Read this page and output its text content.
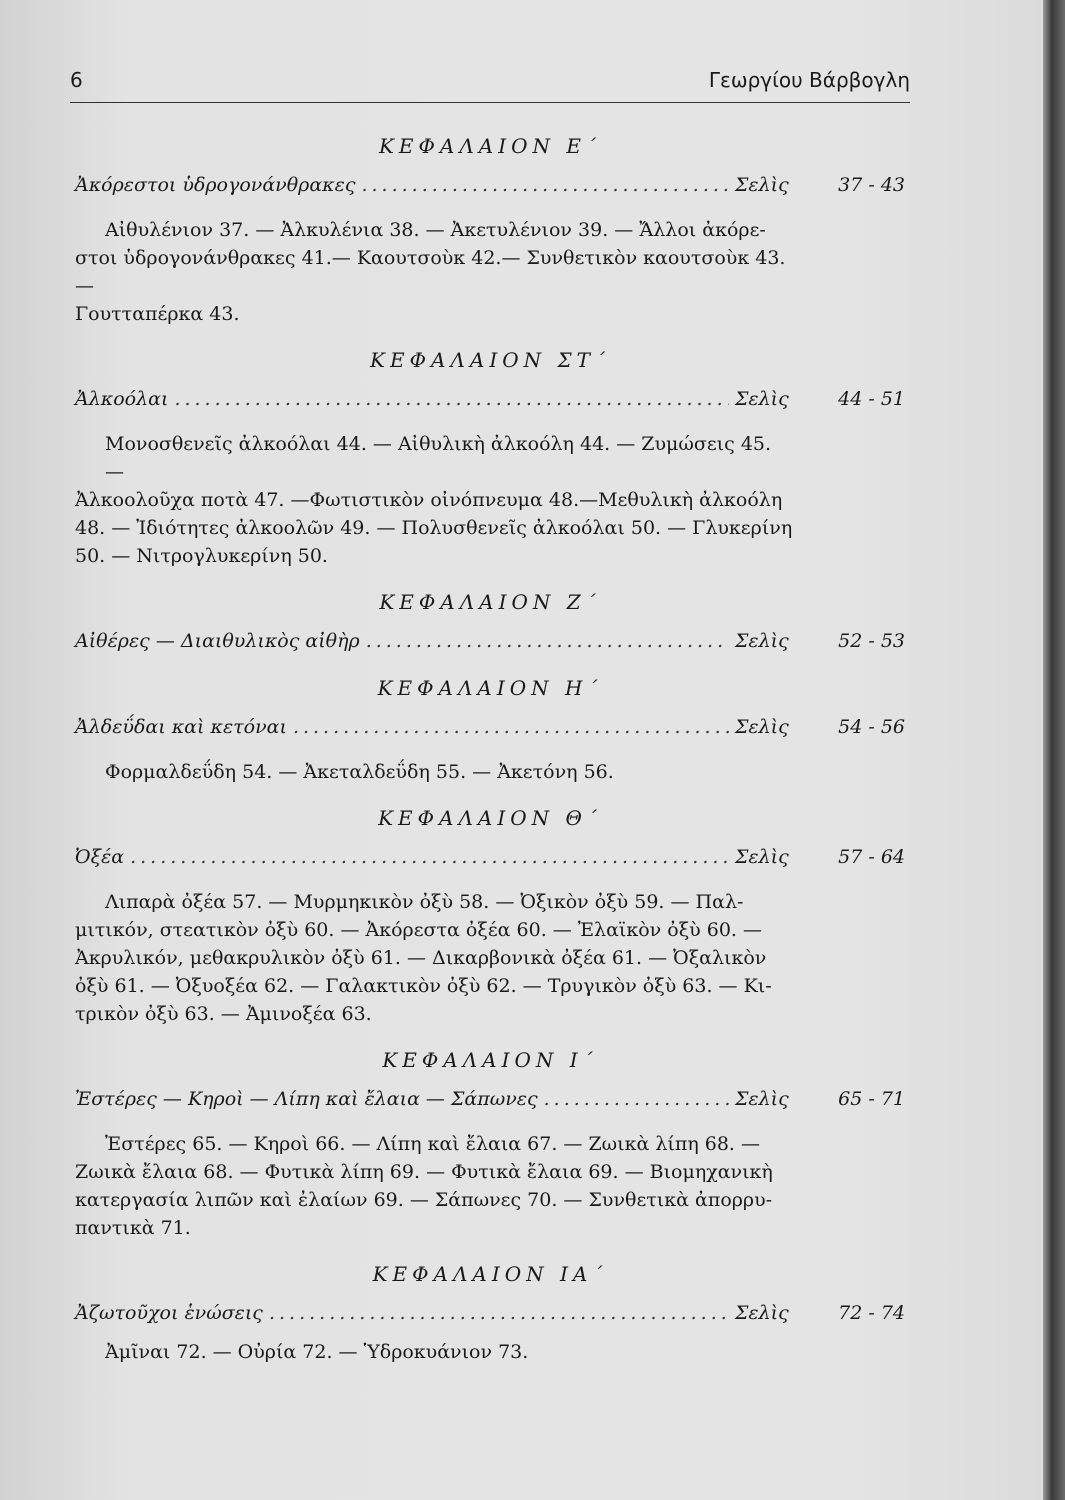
6	Γεωργίου Βάρβογλη
ΚΕΦΑΛΑΙΟΝ Ε΄
Ἀκόρεστοι ὑδρογονάνθρακες .....	Σελὶς	37 - 43

Αἰθυλένιον 37. — Ἀλκυλένια 38. — Ἀκετυλένιον 39. — Ἄλλοι ἀκόρε-

στοι ὑδρογονάνθρακες 41.— Καουτσοὺκ 42.— Συνθετικὸν καουτσοὺκ 43.—

Γουτταπέρκα 43.

ΚΕΦΑΛΑΙΟΝ ΣΤ΄
Ἀλκοόλαι .....	Σελὶς	44 - 51

Μονοσθενεῖς ἀλκοόλαι 44. — Αἰθυλικὴ ἀλκοόλη 44. — Ζυμώσεις 45. —

Ἀλκοολοῦχα ποτὰ 47. —Φωτιστικὸν οἰνόπνευμα 48.—Μεθυλικὴ ἀλκοόλη

48. — Ἰδιότητες ἀλκοολῶν 49. — Πολυσθενεῖς ἀλκοόλαι 50. — Γλυκερίνη

50. — Νιτρογλυκερίνη 50.

ΚΕΦΑΛΑΙΟΝ Ζ΄
Αἰθέρες — Διαιθυλικὸς αἰθὴρ .....	Σελὶς	52 - 53
ΚΕΦΑΛΑΙΟΝ Η΄
Ἀλδεΰδαι καὶ κετόναι .....	Σελὶς	54 - 56

Φορμαλδεΰδη 54. — Ἀκεταλδεΰδη 55. — Ἀκετόνη 56.

ΚΕΦΑΛΑΙΟΝ Θ΄
Ὀξέα .....	Σελὶς	57 - 64

Λιπαρὰ ὀξέα 57. — Μυρμηκικὸν ὀξὺ 58. — Ὀξικὸν ὀξὺ 59. — Παλ-

μιτικόν, στεατικὸν ὀξὺ 60. — Ἀκόρεστα ὀξέα 60. — Ἐλαϊκὸν ὀξὺ 60. —

Ἀκρυλικόν, μεθακρυλικὸν ὀξὺ 61. — Δικαρβονικὰ ὀξέα 61. — Ὀξαλικὸν

ὀξὺ 61. — Ὀξυοξέα 62. — Γαλακτικὸν ὀξὺ 62. — Τρυγικὸν ὀξὺ 63. — Κι-

τρικὸν ὀξὺ 63. — Ἀμινοξέα 63.

ΚΕΦΑΛΑΙΟΝ Ι΄
Ἐστέρες — Κηροὶ — Λίπη καὶ ἔλαια — Σάπωνες .....	Σελὶς	65 - 71

Ἐστέρες 65. — Κηροὶ 66. — Λίπη καὶ ἔλαια 67. — Ζωικὰ λίπη 68. —

Ζωικὰ ἔλαια 68. — Φυτικὰ λίπη 69. — Φυτικὰ ἔλαια 69. — Βιομηχανικὴ

κατεργασία λιπῶν καὶ ἐλαίων 69. — Σάπωνες 70. — Συνθετικὰ ἀπορρυ-

παντικὰ 71.

ΚΕΦΑΛΑΙΟΝ ΙΑ΄
Ἀζωτοῦχοι ἑνώσεις .....	Σελὶς	72 - 74

Ἀμῖναι 72. — Οὐρία 72. — Ὑδροκυάνιον 73.
